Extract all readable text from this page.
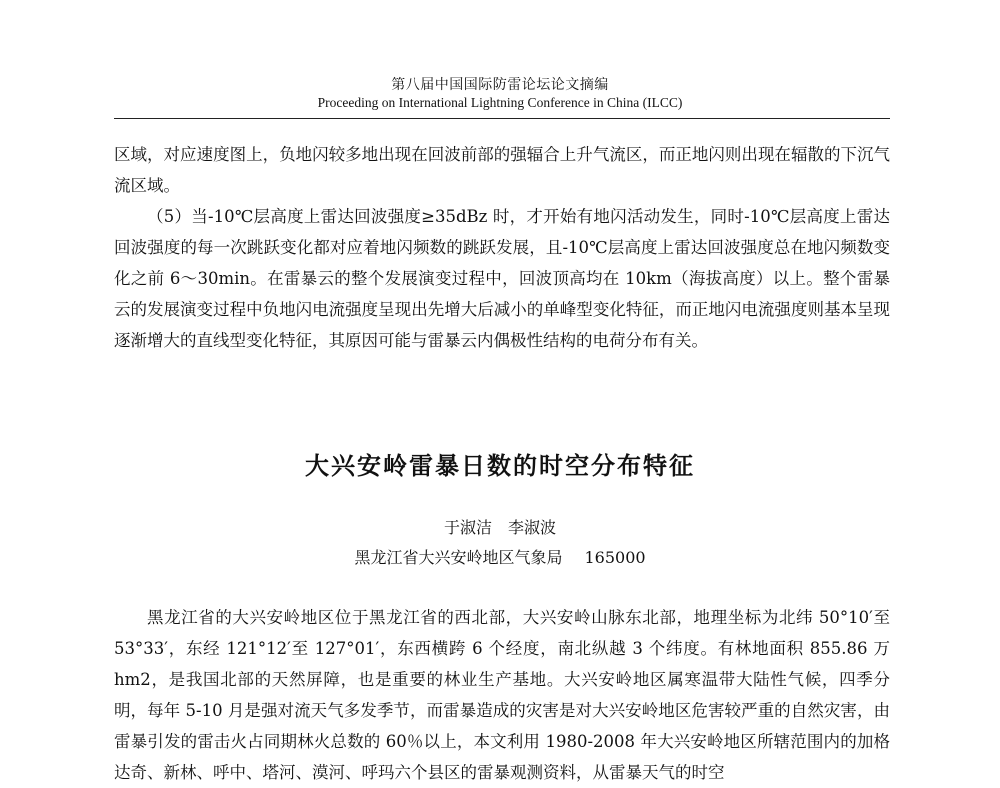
第八届中国国际防雷论坛论文摘编
Proceeding on International Lightning Conference in China (ILCC)

区域，对应速度图上，负地闪较多地出现在回波前部的强辐合上升气流区，而正地闪则出现在辐散的下沉气流区域。

（5）当-10℃层高度上雷达回波强度≥35dBz 时，才开始有地闪活动发生，同时-10℃层高度上雷达回波强度的每一次跳跃变化都对应着地闪频数的跳跃发展，且-10℃层高度上雷达回波强度总在地闪频数变化之前 6～30min。在雷暴云的整个发展演变过程中，回波顶高均在 10km（海拔高度）以上。整个雷暴云的发展演变过程中负地闪电流强度呈现出先增大后减小的单峰型变化特征，而正地闪电流强度则基本呈现逐渐增大的直线型变化特征，其原因可能与雷暴云内偶极性结构的电荷分布有关。

大兴安岭雷暴日数的时空分布特征
于淑洁　李淑波
黑龙江省大兴安岭地区气象局 165000

黑龙江省的大兴安岭地区位于黑龙江省的西北部，大兴安岭山脉东北部，地理坐标为北纬 50°10′至 53°33′，东经 121°12′至 127°01′，东西横跨 6 个经度，南北纵越 3 个纬度。有林地面积 855.86 万 hm2，是我国北部的天然屏障，也是重要的林业生产基地。大兴安岭地区属寒温带大陆性气候，四季分明，每年 5-10 月是强对流天气多发季节，而雷暴造成的灾害是对大兴安岭地区危害较严重的自然灾害，由雷暴引发的雷击火占同期林火总数的 60％以上，本文利用 1980-2008 年大兴安岭地区所辖范围内的加格达奇、新林、呼中、塔河、漠河、呼玛六个县区的雷暴观测资料，从雷暴天气的时空
